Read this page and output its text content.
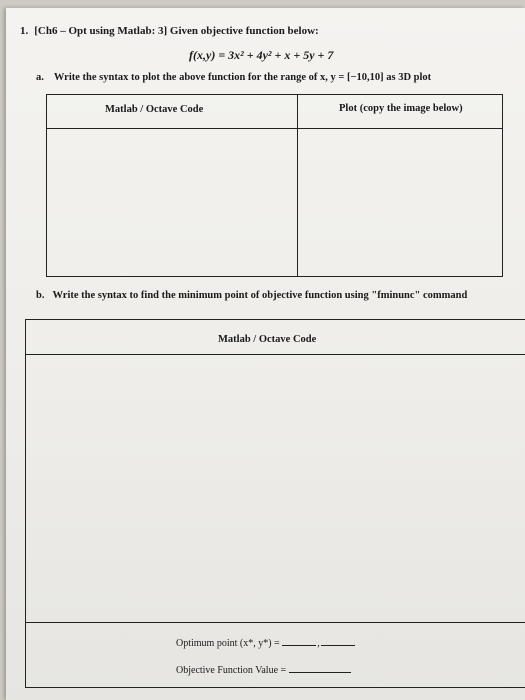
1. [Ch6 – Opt using Matlab: 3] Given objective function below:
f(x,y) = 3x² + 4y² + x + 5y + 7
a. Write the syntax to plot the above function for the range of x, y = [−10,10] as 3D plot
Matlab / Octave Code	Plot (copy the image below)
b. Write the syntax to find the minimum point of objective function using "fminunc" command
Matlab / Octave Code
Optimum point (x*, y*) =	,
Objective Function Value =
